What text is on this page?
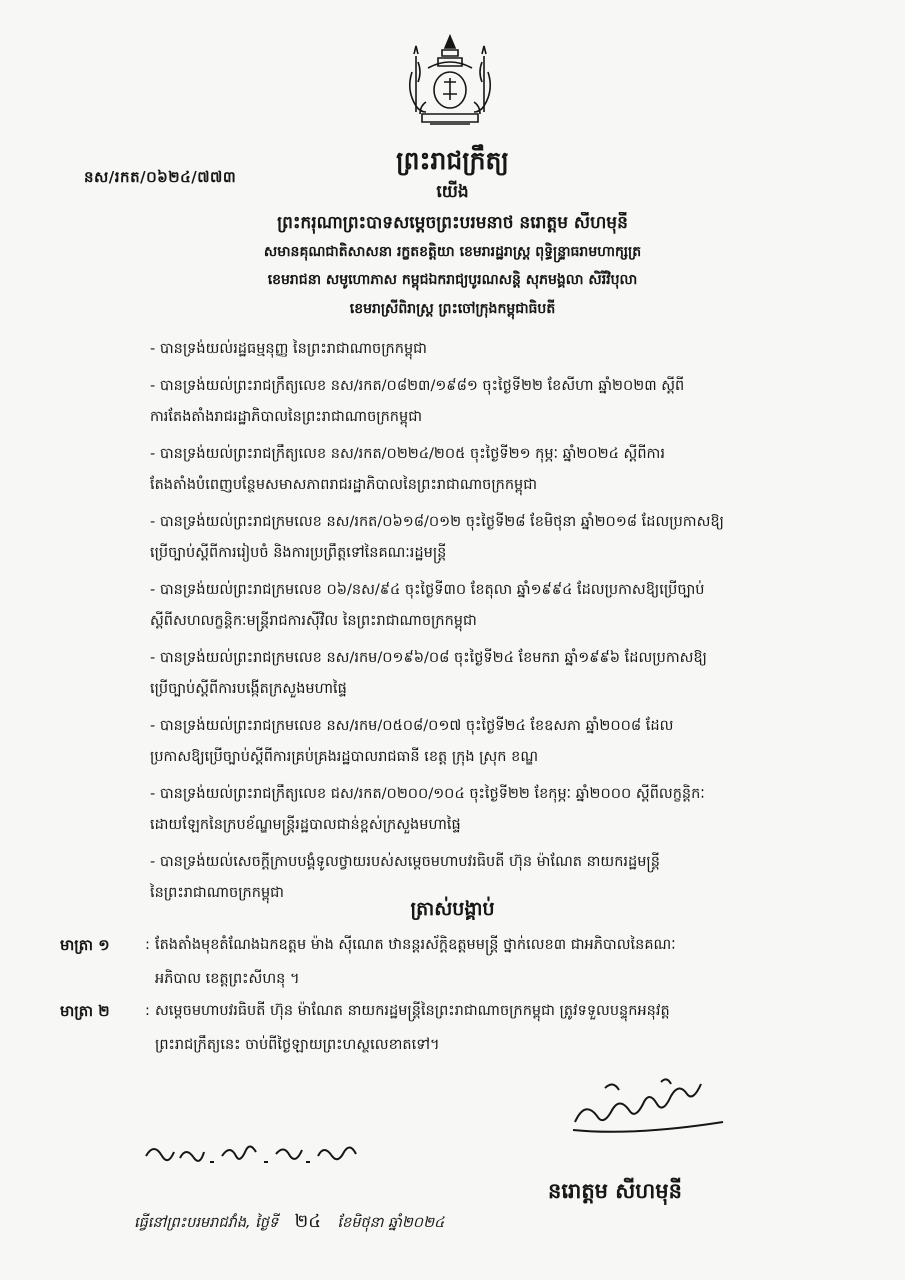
នស/រកត/០៦២៤/៧៧៣
ព្រះរាជក្រឹត្យ
យើង
ព្រះករុណាព្រះបាទសម្ដេចព្រះបរមនាថ នរោត្ដម សីហមុនី
សមានគុណជាតិសាសនា រក្ខតខត្តិយា ខេមរារដ្ឋរាស្ត្រ ពុទ្ធិន្ទ្រាធរាមហាក្សត្រ
ខេមរាជនា សមូហោភាស កម្ពុជឯករាជ្យបូរណសន្តិ សុភមង្គលា សិរីវិបុលា
ខេមរាស្រីពិរាស្ត្រ ព្រះចៅក្រុងកម្ពុជាធិបតី
- បានទ្រង់យល់រដ្ឋធម្មនុញ្ញ នៃព្រះរាជាណាចក្រកម្ពុជា
- បានទ្រង់យល់ព្រះរាជក្រឹត្យលេខ នស/រកត/០៨២៣/១៩៨១ ចុះថ្ងៃទី២២ ខែសីហា ឆ្នាំ២០២៣ ស្ដីពី
ការតែងតាំងរាជរដ្ឋាភិបាលនៃព្រះរាជាណាចក្រកម្ពុជា
- បានទ្រង់យល់ព្រះរាជក្រឹត្យលេខ នស/រកត/០២២៤/២០៥ ចុះថ្ងៃទី២១ កុម្ភៈ ឆ្នាំ២០២៤ ស្ដីពីការ
តែងតាំងបំពេញបន្ថែមសមាសភាពរាជរដ្ឋាភិបាលនៃព្រះរាជាណាចក្រកម្ពុជា
- បានទ្រង់យល់ព្រះរាជក្រមលេខ នស/រកត/០៦១៨/០១២ ចុះថ្ងៃទី២៨ ខែមិថុនា ឆ្នាំ២០១៨ ដែលប្រកាសឱ្យ
ប្រើច្បាប់ស្ដីពីការរៀបចំ និងការប្រព្រឹត្តទៅនៃគណៈរដ្ឋមន្ត្រី
- បានទ្រង់យល់ព្រះរាជក្រមលេខ ០៦/នស/៩៤ ចុះថ្ងៃទី៣០ ខែតុលា ឆ្នាំ១៩៩៤ ដែលប្រកាសឱ្យប្រើច្បាប់
ស្ដីពីសហលក្ខន្តិកៈមន្ត្រីរាជការស៊ីវិល នៃព្រះរាជាណាចក្រកម្ពុជា
- បានទ្រង់យល់ព្រះរាជក្រមលេខ នស/រកម/០១៩៦/០៨ ចុះថ្ងៃទី២៤ ខែមករា ឆ្នាំ១៩៩៦ ដែលប្រកាសឱ្យ
ប្រើច្បាប់ស្ដីពីការបង្កើតក្រសួងមហាផ្ទៃ
- បានទ្រង់យល់ព្រះរាជក្រមលេខ នស/រកម/០៥០៨/០១៧ ចុះថ្ងៃទី២៤ ខែឧសភា ឆ្នាំ២០០៨ ដែល
ប្រកាសឱ្យប្រើច្បាប់ស្ដីពីការគ្រប់គ្រងរដ្ឋបាលរាជធានី ខេត្ត ក្រុង ស្រុក ខណ្ឌ
- បានទ្រង់យល់ព្រះរាជក្រឹត្យលេខ ជស/រកត/០២០០/១០៤ ចុះថ្ងៃទី២២ ខែកុម្ភៈ ឆ្នាំ២០០០ ស្ដីពីលក្ខន្តិកៈ
ដោយឡែកនៃក្របខ័ណ្ឌមន្ត្រីរដ្ឋបាលជាន់ខ្ពស់ក្រសួងមហាផ្ទៃ
- បានទ្រង់យល់សេចក្ដីក្រាបបង្គំទូលថ្វាយរបស់សម្ដេចមហាបវរធិបតី ហ៊ុន ម៉ាណែត នាយករដ្ឋមន្ត្រី
នៃព្រះរាជាណាចក្រកម្ពុជា
ត្រាស់បង្គាប់
មាត្រា ១ : តែងតាំងមុខតំណែងឯកឧត្ដម ម៉ាង ស៊ីណេត ឋានន្តរស័ក្តិឧត្ដមមន្ត្រី ថ្នាក់លេខ៣ ជាអភិបាលនៃគណៈ
អភិបាល ខេត្តព្រះសីហនុ ។
មាត្រា ២ : សម្ដេចមហាបវរធិបតី ហ៊ុន ម៉ាណែត នាយករដ្ឋមន្ត្រីនៃព្រះរាជាណាចក្រកម្ពុជា ត្រូវទទួលបន្ទុកអនុវត្ត
ព្រះរាជក្រឹត្យនេះ ចាប់ពីថ្ងៃឡាយព្រះហស្ថលេខាតទៅ។
នរោត្ដម សីហមុនី
ធ្វើនៅព្រះបរមរាជវាំង, ថ្ងៃទី ២៤ ខែមិថុនា ឆ្នាំ២០២៤
